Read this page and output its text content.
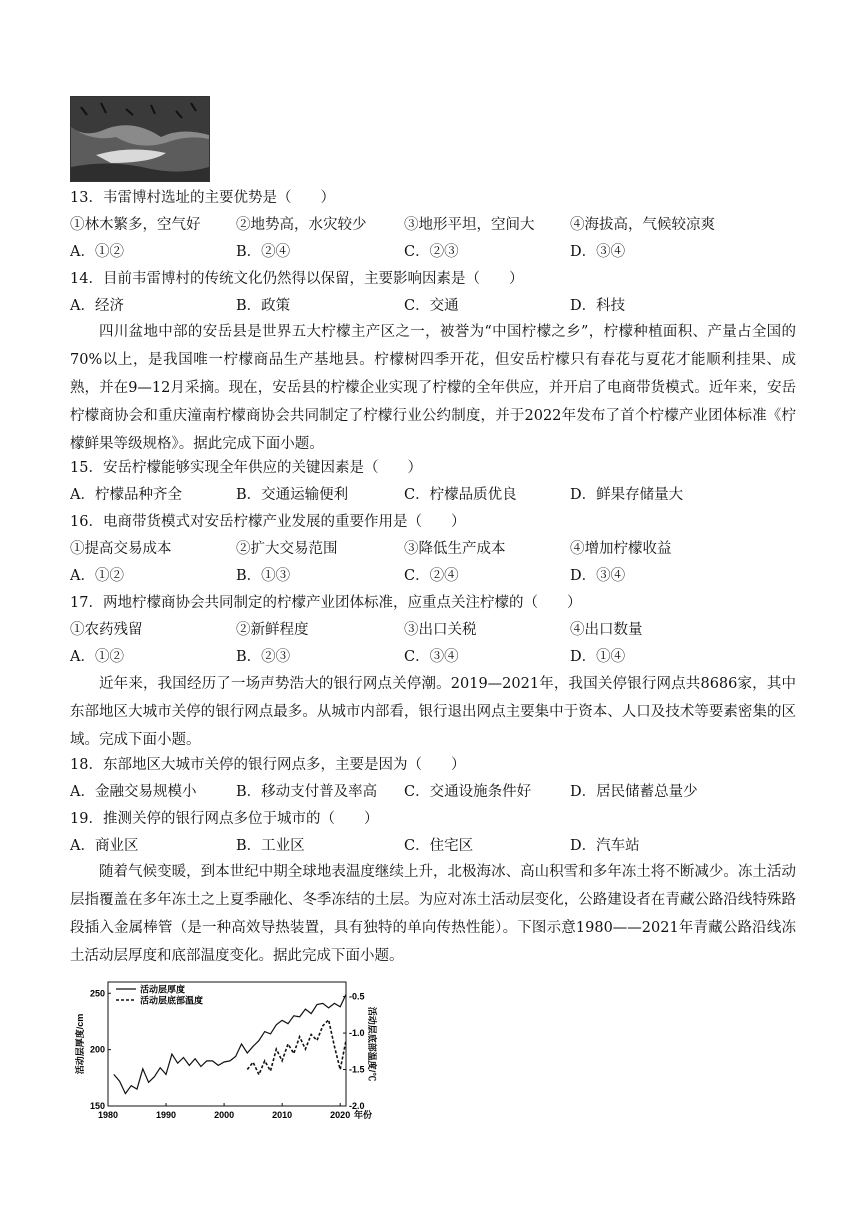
13．韦雷博村选址的主要优势是（　　）
①林木繁多，空气好 ②地势高，水灾较少	③地形平坦，空间大 ④海拔高，气候较凉爽
A．①②	B．②④	C．②③	D．③④
14．目前韦雷博村的传统文化仍然得以保留，主要影响因素是（　　）
A．经济	B．政策	C．交通	D．科技
四川盆地中部的安岳县是世界五大柠檬主产区之一，被誉为“中国柠檬之乡”，柠檬种植面积、产量占全国的70%以上，是我国唯一柠檬商品生产基地县。柠檬树四季开花，但安岳柠檬只有春花与夏花才能顺利挂果、成熟，并在9—12月采摘。现在，安岳县的柠檬企业实现了柠檬的全年供应，并开启了电商带货模式。近年来，安岳柠檬商协会和重庆潼南柠檬商协会共同制定了柠檬行业公约制度，并于2022年发布了首个柠檬产业团体标准《柠檬鲜果等级规格》。据此完成下面小题。
15．安岳柠檬能够实现全年供应的关键因素是（　　）
A．柠檬品种齐全	B．交通运输便利	C．柠檬品质优良	D．鲜果存储量大
16．电商带货模式对安岳柠檬产业发展的重要作用是（　　）
①提高交易成本	②扩大交易范围	③降低生产成本	④增加柠檬收益
A．①②	B．①③	C．②④	D．③④
17．两地柠檬商协会共同制定的柠檬产业团体标准，应重点关注柠檬的（　　）
①农药残留	②新鲜程度	③出口关税	④出口数量
A．①②	B．②③	C．③④	D．①④
近年来，我国经历了一场声势浩大的银行网点关停潮。2019—2021年，我国关停银行网点共8686家，其中东部地区大城市关停的银行网点最多。从城市内部看，银行退出网点主要集中于资本、人口及技术等要素密集的区域。完成下面小题。
18．东部地区大城市关停的银行网点多，主要是因为（　　）
A．金融交易规模小	B．移动支付普及率高 C．交通设施条件好	D．居民储蓄总量少
19．推测关停的银行网点多位于城市的（　　）
A．商业区	B．工业区	C．住宅区	D．汽车站
随着气候变暖，到本世纪中期全球地表温度继续上升，北极海冰、高山积雪和多年冻土将不断减少。冻土活动层指覆盖在多年冻土之上夏季融化、冬季冻结的土层。为应对冻土活动层变化，公路建设者在青藏公路沿线特殊路段插入金属棒管（是一种高效导热装置，具有独特的单向传热性能）。下图示意1980——2021年青藏公路沿线冻土活动层厚度和底部温度变化。据此完成下面小题。
1980	1990	2000	2010	2020
150
200
250	-0.5
-1.0
-1.5
-2.0
活动层厚度
活动层底部温度
活动层厚度/cm	活动层底部温度/℃
年份
